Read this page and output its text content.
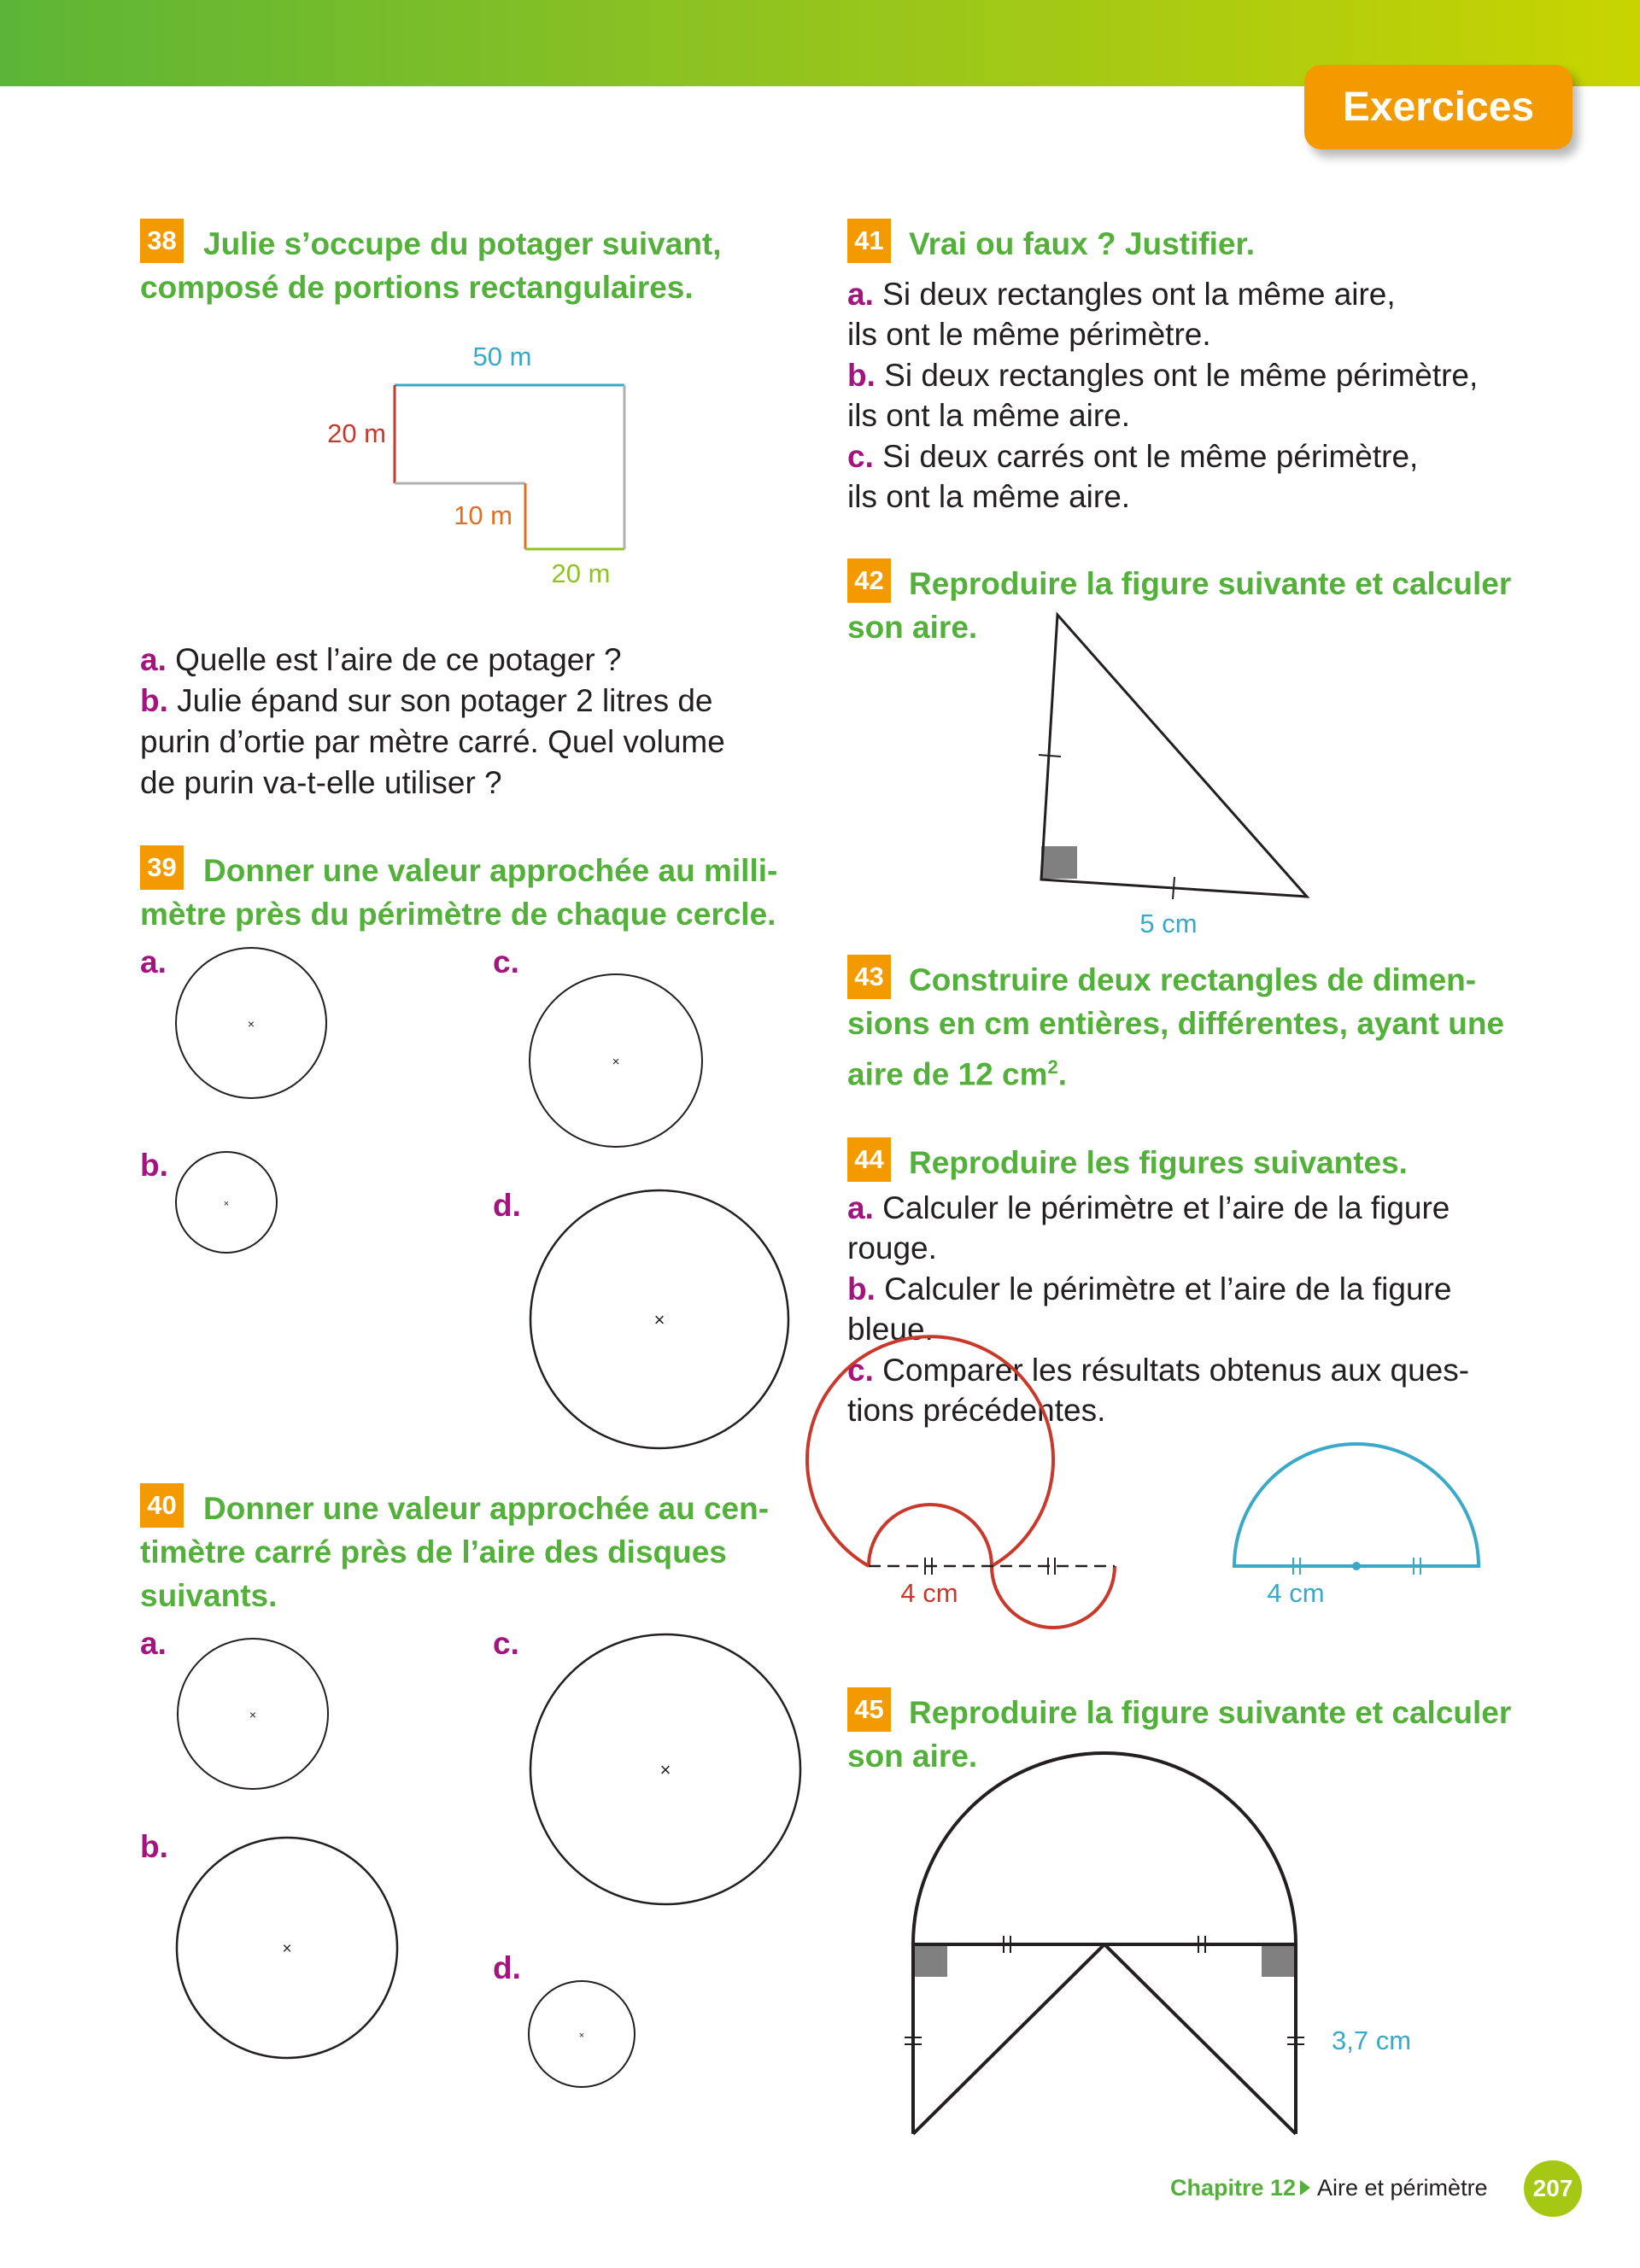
Exercices
38 Julie s’occupe du potager suivant,
composé de portions rectangulaires.
50 m
20 m
10 m
20 m
a. Quelle est l’aire de ce potager ?
b. Julie épand sur son potager 2 litres de
purin d’ortie par mètre carré. Quel volume
de purin va-t-elle utiliser ?
39 Donner une valeur approchée au milli-
mètre près du périmètre de chaque cercle.
a.
b.
c.
d.
×
×
×
×
40 Donner une valeur approchée au cen-
timètre carré près de l’aire des disques
suivants.
a.
b.
c.
d.
×
×
×
×
41 Vrai ou faux ? Justifier.
a. Si deux rectangles ont la même aire,
ils ont le même périmètre.
b. Si deux rectangles ont le même périmètre,
ils ont la même aire.
c. Si deux carrés ont le même périmètre,
ils ont la même aire.
42 Reproduire la figure suivante et calculer
son aire.
5 cm
43 Construire deux rectangles de dimen-
sions en cm entières, différentes, ayant une
aire de 12 $cm^2$.
44 Reproduire les figures suivantes.
a. Calculer le périmètre et l’aire de la figure
rouge.
b. Calculer le périmètre et l’aire de la figure
bleue.
c. Comparer les résultats obtenus aux ques-
tions précédentes.
4 cm	4 cm
45 Reproduire la figure suivante et calculer
son aire.
3,7 cm
Chapitre 12 Aire et périmètre	207
